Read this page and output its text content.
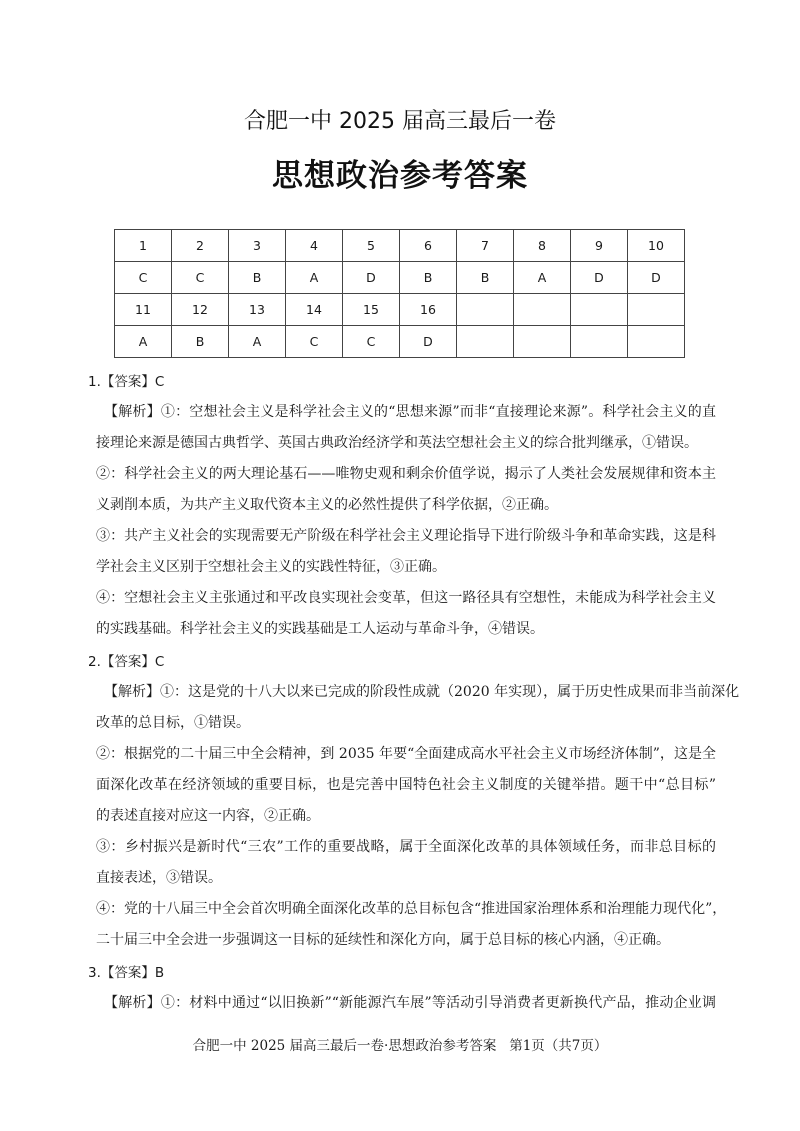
合肥一中 2025 届高三最后一卷
思想政治参考答案
1	2	3	4	5	6	7	8	9	10
C	C	B	A	D	B	B	A	D	D
11	12	13	14	15	16				
A	B	A	C	C	D				
1.【答案】C
【解析】①：空想社会主义是科学社会主义的“思想来源”而非“直接理论来源”。科学社会主义的直
接理论来源是德国古典哲学、英国古典政治经济学和英法空想社会主义的综合批判继承，①错误。
②：科学社会主义的两大理论基石——唯物史观和剩余价值学说，揭示了人类社会发展规律和资本主
义剥削本质，为共产主义取代资本主义的必然性提供了科学依据，②正确。
③：共产主义社会的实现需要无产阶级在科学社会主义理论指导下进行阶级斗争和革命实践，这是科
学社会主义区别于空想社会主义的实践性特征，③正确。
④：空想社会主义主张通过和平改良实现社会变革，但这一路径具有空想性，未能成为科学社会主义
的实践基础。科学社会主义的实践基础是工人运动与革命斗争，④错误。
2.【答案】C
【解析】①：这是党的十八大以来已完成的阶段性成就（2020 年实现），属于历史性成果而非当前深化
改革的总目标，①错误。
②：根据党的二十届三中全会精神，到 2035 年要“全面建成高水平社会主义市场经济体制”，这是全
面深化改革在经济领域的重要目标，也是完善中国特色社会主义制度的关键举措。题干中“总目标”
的表述直接对应这一内容，②正确。
③：乡村振兴是新时代“三农”工作的重要战略，属于全面深化改革的具体领域任务，而非总目标的
直接表述，③错误。
④：党的十八届三中全会首次明确全面深化改革的总目标包含“推进国家治理体系和治理能力现代化”，
二十届三中全会进一步强调这一目标的延续性和深化方向，属于总目标的核心内涵，④正确。
3.【答案】B
【解析】①：材料中通过“以旧换新”“新能源汽车展”等活动引导消费者更新换代产品，推动企业调
合肥一中 2025 届高三最后一卷·思想政治参考答案 第1页（共7页）
